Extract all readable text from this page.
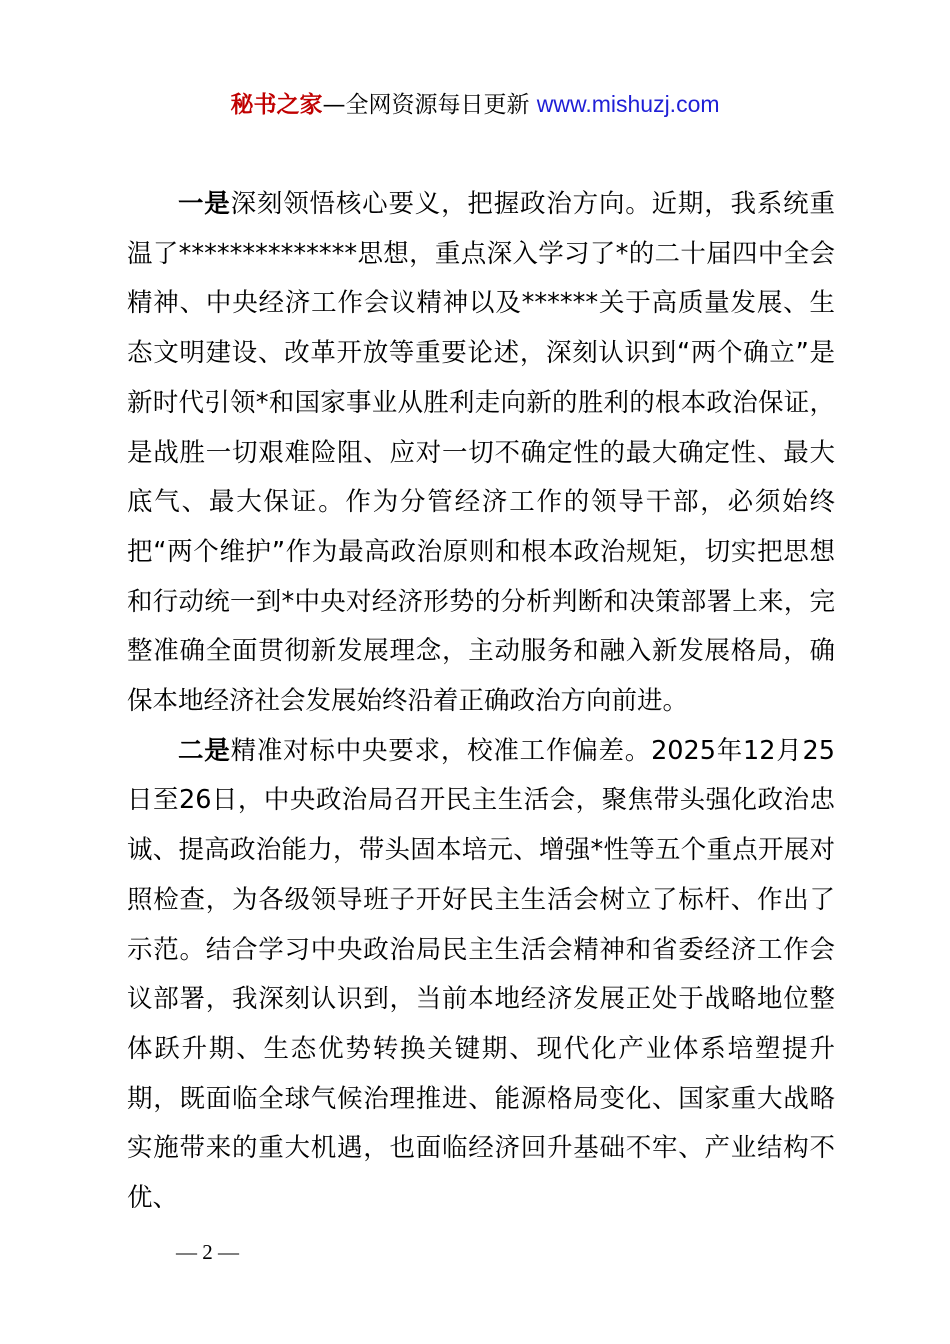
秘书之家—全网资源每日更新 www.mishuzj.com

一是深刻领悟核心要义，把握政治方向。近期，我系统重温了**************思想，重点深入学习了*的二十届四中全会精神、中央经济工作会议精神以及******关于高质量发展、生态文明建设、改革开放等重要论述，深刻认识到“两个确立”是新时代引领*和国家事业从胜利走向新的胜利的根本政治保证，是战胜一切艰难险阻、应对一切不确定性的最大确定性、最大底气、最大保证。作为分管经济工作的领导干部，必须始终把“两个维护”作为最高政治原则和根本政治规矩，切实把思想和行动统一到*中央对经济形势的分析判断和决策部署上来，完整准确全面贯彻新发展理念，主动服务和融入新发展格局，确保本地经济社会发展始终沿着正确政治方向前进。

二是精准对标中央要求，校准工作偏差。2025年12月25日至26日，中央政治局召开民主生活会，聚焦带头强化政治忠诚、提高政治能力，带头固本培元、增强*性等五个重点开展对照检查，为各级领导班子开好民主生活会树立了标杆、作出了示范。结合学习中央政治局民主生活会精神和省委经济工作会议部署，我深刻认识到，当前本地经济发展正处于战略地位整体跃升期、生态优势转换关键期、现代化产业体系培塑提升期，既面临全球气候治理推进、能源格局变化、国家重大战略实施带来的重大机遇，也面临经济回升基础不牢、产业结构不优、

— 2 —
